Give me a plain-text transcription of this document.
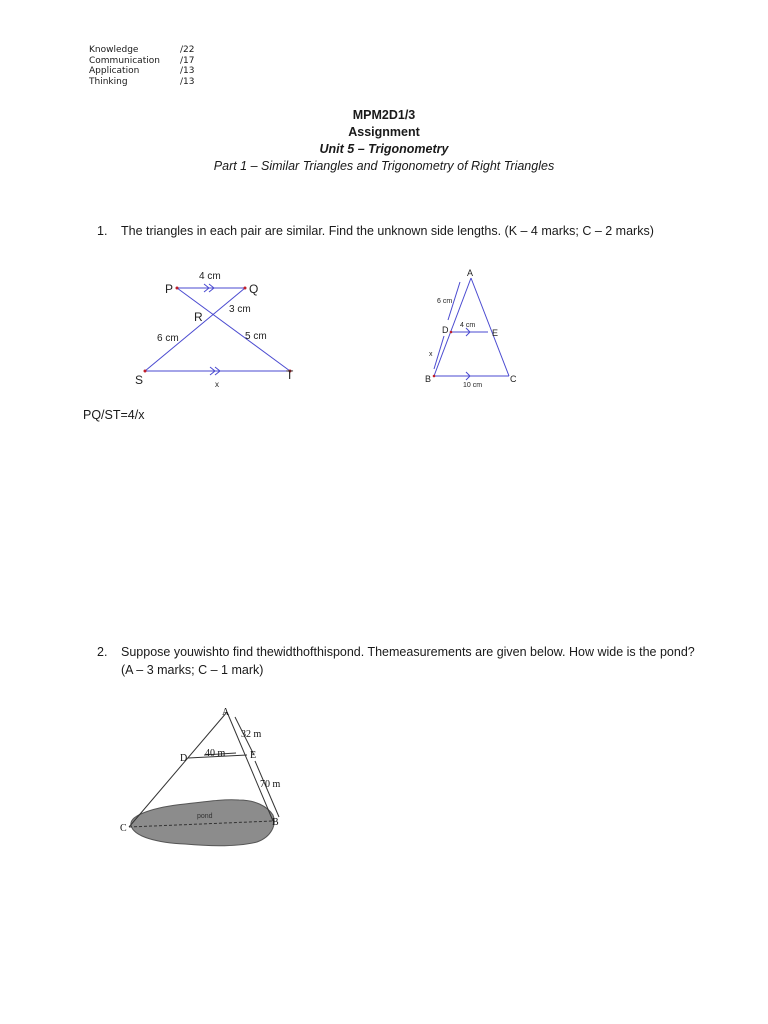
Knowledge	/22
Communication	/17
Application	/13
Thinking	/13
MPM2D1/3
Assignment
Unit 5 – Trigonometry
Part 1 – Similar Triangles and Trigonometry of Right Triangles
1. The triangles in each pair are similar. Find the unknown side lengths. (K – 4 marks; C – 2 marks)
P	Q
R
S	T
4 cm
3 cm
6 cm	5 cm
x
A
B	C
D	E
6 cm
4 cm
x
10 cm
PQ/ST=4/x
2. Suppose youwishto find thewidthofthispond. Themeasurements are given below. How wide is the pond? (A – 3 marks; C – 1 mark)
A
D	E
C
B
40 m
32 m
70 m
pond
